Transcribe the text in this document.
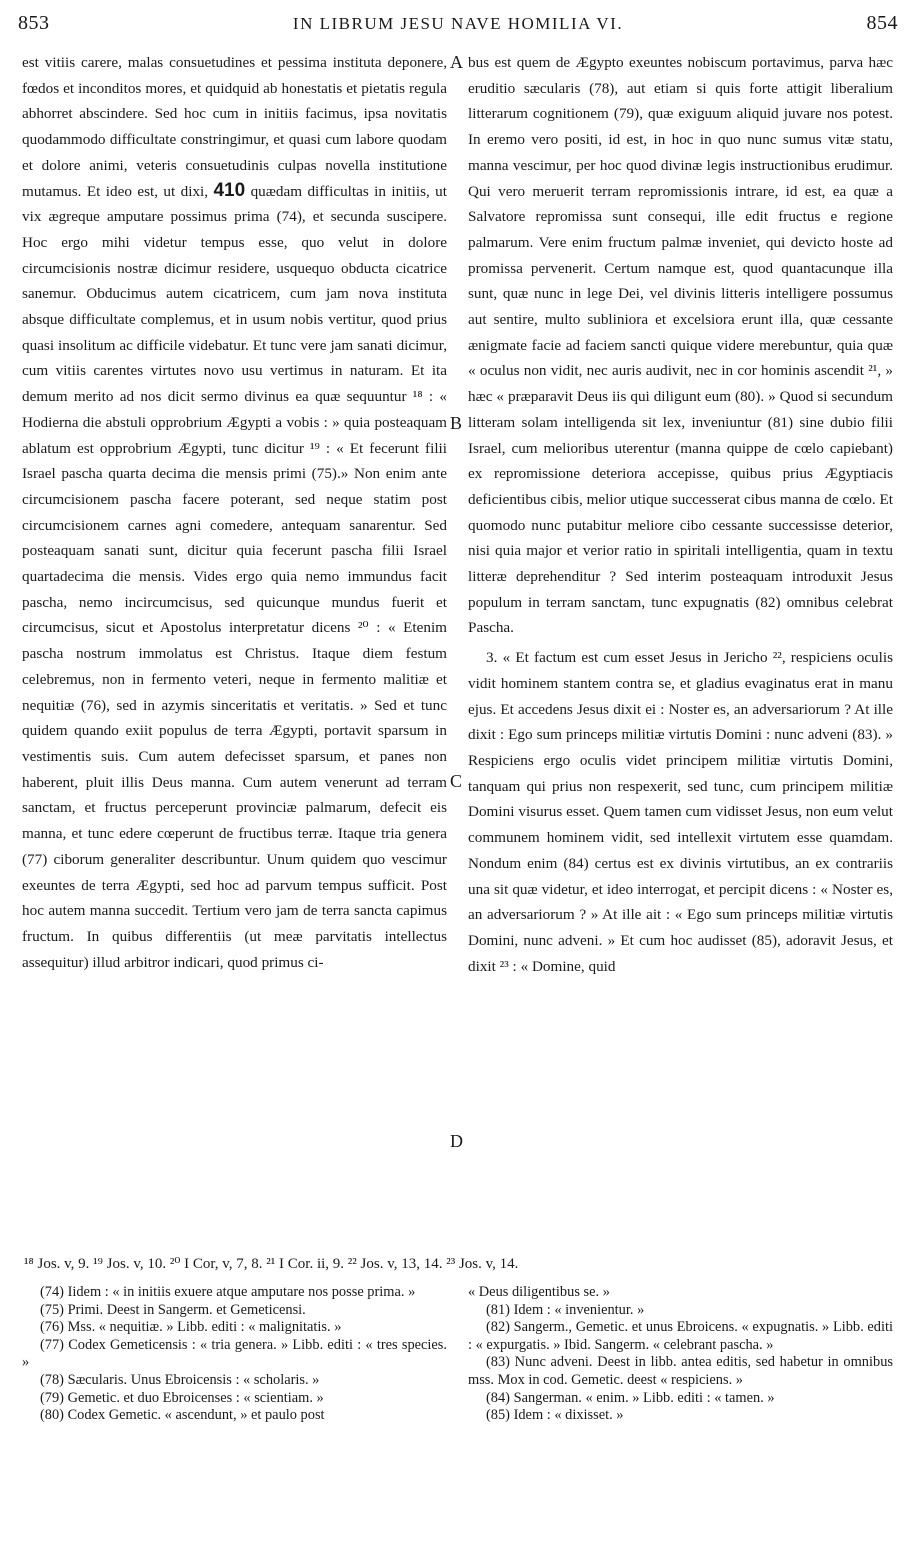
853	IN LIBRUM JESU NAVE HOMILIA VI.	854

est vitiis carere, malas consuetudines et pessima instituta deponere, fœdos et inconditos mores, et quidquid ab honestatis et pietatis regula abhorret abscindere. Sed hoc cum in initiis facimus, ipsa novitatis quodammodo difficultate constringimur, et quasi cum labore quodam et dolore animi, veteris consuetudinis culpas novella institutione mutamus. Et ideo est, ut dixi, 410 quædam difficultas in initiis, ut vix ægreque amputare possimus prima (74), et secunda suscipere. Hoc ergo mihi videtur tempus esse, quo velut in dolore circumcisionis nostræ dicimur residere, usquequo obducta cicatrice sanemur. Obducimus autem cicatricem, cum jam nova instituta absque difficultate complemus, et in usum nobis vertitur, quod prius quasi insolitum ac difficile videbatur. Et tunc vere jam sanati dicimur, cum vitiis carentes virtutes novo usu vertimus in naturam. Et ita demum merito ad nos dicit sermo divinus ea quæ sequuntur ¹⁸ : « Hodierna die abstuli opprobrium Ægypti a vobis : » quia posteaquam ablatum est opprobrium Ægypti, tunc dicitur ¹⁹ : « Et fecerunt filii Israel pascha quarta decima die mensis primi (75).» Non enim ante circumcisionem pascha facere poterant, sed neque statim post circumcisionem carnes agni comedere, antequam sanarentur. Sed posteaquam sanati sunt, dicitur quia fecerunt pascha filii Israel quartadecima die mensis. Vides ergo quia nemo immundus facit pascha, nemo incircumcisus, sed quicunque mundus fuerit et circumcisus, sicut et Apostolus interpretatur dicens ²⁰ : « Etenim pascha nostrum immolatus est Christus. Itaque diem festum celebremus, non in fermento veteri, neque in fermento malitiæ et nequitiæ (76), sed in azymis sinceritatis et veritatis. » Sed et tunc quidem quando exiit populus de terra Ægypti, portavit sparsum in vestimentis suis. Cum autem defecisset sparsum, et panes non haberent, pluit illis Deus manna. Cum autem venerunt ad terram sanctam, et fructus perceperunt provinciæ palmarum, defecit eis manna, et tunc edere cœperunt de fructibus terræ. Itaque tria genera (77) ciborum generaliter describuntur. Unum quidem quo vescimur exeuntes de terra Ægypti, sed hoc ad parvum tempus sufficit. Post hoc autem manna succedit. Tertium vero jam de terra sancta capimus fructum. In quibus differentiis (ut meæ parvitatis intellectus assequitur) illud arbitror indicari, quod primus ci-

A
B
C
D

bus est quem de Ægypto exeuntes nobiscum portavimus, parva hæc eruditio sæcularis (78), aut etiam si quis forte attigit liberalium litterarum cognitionem (79), quæ exiguum aliquid juvare nos potest. In eremo vero positi, id est, in hoc in quo nunc sumus vitæ statu, manna vescimur, per hoc quod divinæ legis instructionibus erudimur. Qui vero meruerit terram repromissionis intrare, id est, ea quæ a Salvatore repromissa sunt consequi, ille edit fructus e regione palmarum. Vere enim fructum palmæ inveniet, qui devicto hoste ad promissa pervenerit. Certum namque est, quod quantacunque illa sunt, quæ nunc in lege Dei, vel divinis litteris intelligere possumus aut sentire, multo subliniora et excelsiora erunt illa, quæ cessante ænigmate facie ad faciem sancti quique videre merebuntur, quia quæ « oculus non vidit, nec auris audivit, nec in cor hominis ascendit ²¹, » hæc « præparavit Deus iis qui diligunt eum (80). » Quod si secundum litteram solam intelligenda sit lex, inveniuntur (81) sine dubio filii Israel, cum melioribus uterentur (manna quippe de cœlo capiebant) ex repromissione deteriora accepisse, quibus prius Ægyptiacis deficientibus cibis, melior utique successerat cibus manna de cœlo. Et quomodo nunc putabitur meliore cibo cessante successisse deterior, nisi quia major et verior ratio in spiritali intelligentia, quam in textu litteræ deprehenditur ? Sed interim posteaquam introduxit Jesus populum in terram sanctam, tunc expugnatis (82) omnibus celebrat Pascha.

3. « Et factum est cum esset Jesus in Jericho ²², respiciens oculis vidit hominem stantem contra se, et gladius evaginatus erat in manu ejus. Et accedens Jesus dixit ei : Noster es, an adversariorum ? At ille dixit : Ego sum princeps militiæ virtutis Domini : nunc adveni (83). » Respiciens ergo oculis videt principem militiæ virtutis Domini, tanquam qui prius non respexerit, sed tunc, cum principem militiæ Domini visurus esset. Quem tamen cum vidisset Jesus, non eum velut communem hominem vidit, sed intellexit virtutem esse quamdam. Nondum enim (84) certus est ex divinis virtutibus, an ex contrariis una sit quæ videtur, et ideo interrogat, et percipit dicens : « Noster es, an adversariorum ? » At ille ait : « Ego sum princeps militiæ virtutis Domini, nunc adveni. » Et cum hoc audisset (85), adoravit Jesus, et dixit ²³ : « Domine, quid

¹⁸ Jos. v, 9. ¹⁹ Jos. v, 10. ²⁰ I Cor, v, 7, 8. ²¹ I Cor. ii, 9. ²² Jos. v, 13, 14. ²³ Jos. v, 14.

(74) Iidem : « in initiis exuere atque amputare nos posse prima. »

(75) Primi. Deest in Sangerm. et Gemeticensi.

(76) Mss. « nequitiæ. » Libb. editi : « malignitatis. »

(77) Codex Gemeticensis : « tria genera. » Libb. editi : « tres species. »

(78) Sæcularis. Unus Ebroicensis : « scholaris. »

(79) Gemetic. et duo Ebroicenses : « scientiam. »

(80) Codex Gemetic. « ascendunt, » et paulo post

« Deus diligentibus se. »

(81) Idem : « invenientur. »

(82) Sangerm., Gemetic. et unus Ebroicens. « expugnatis. » Libb. editi : « expurgatis. » Ibid. Sangerm. « celebrant pascha. »

(83) Nunc adveni. Deest in libb. antea editis, sed habetur in omnibus mss. Mox in cod. Gemetic. deest « respiciens. »

(84) Sangerman. « enim. » Libb. editi : « tamen. »

(85) Idem : « dixisset. »
